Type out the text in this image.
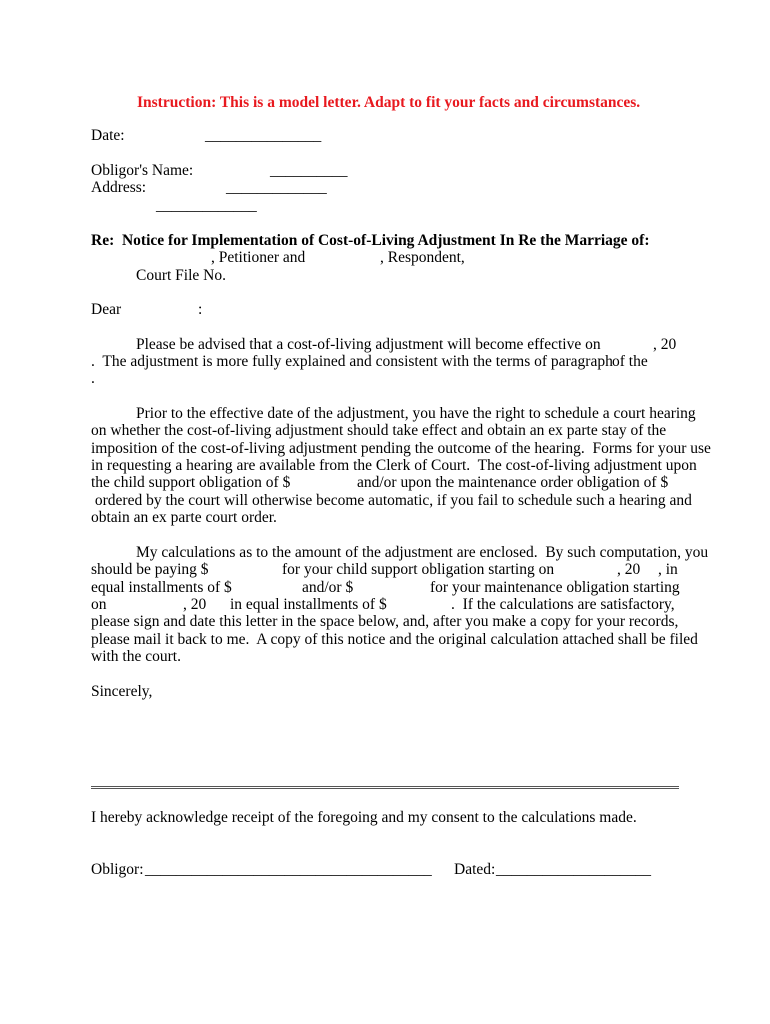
Instruction: This is a model letter. Adapt to fit your facts and circumstances.
Date:	_______________
Obligor's Name:	__________
Address:	_____________
_____________
Re:  Notice for Implementation of Cost-of-Living Adjustment In Re the Marriage of:
, Petitioner and	, Respondent,
Court File No.
Dear	:
Please be advised that a cost-of-living adjustment will become effective on	, 20
.  The adjustment is more fully explained and consistent with the terms of paragraph of the
.
Prior to the effective date of the adjustment, you have the right to schedule a court hearing
on whether the cost-of-living adjustment should take effect and obtain an ex parte stay of the
imposition of the cost-of-living adjustment pending the outcome of the hearing.  Forms for your use
in requesting a hearing are available from the Clerk of Court.  The cost-of-living adjustment upon
the child support obligation of $	and/or upon the maintenance order obligation of $
ordered by the court will otherwise become automatic, if you fail to schedule such a hearing and
obtain an ex parte court order.
My calculations as to the amount of the adjustment are enclosed.  By such computation, you
should be paying $	for your child support obligation starting on	, 20 , in
equal installments of $	and/or $	for your maintenance obligation starting
on	, 20 in equal installments of $	.  If the calculations are satisfactory,
please sign and date this letter in the space below, and, after you make a copy for your records,
please mail it back to me.  A copy of this notice and the original calculation attached shall be filed
with the court.
Sincerely,
I hereby acknowledge receipt of the foregoing and my consent to the calculations made.
Obligor: _____________________________________ Dated: ____________________
